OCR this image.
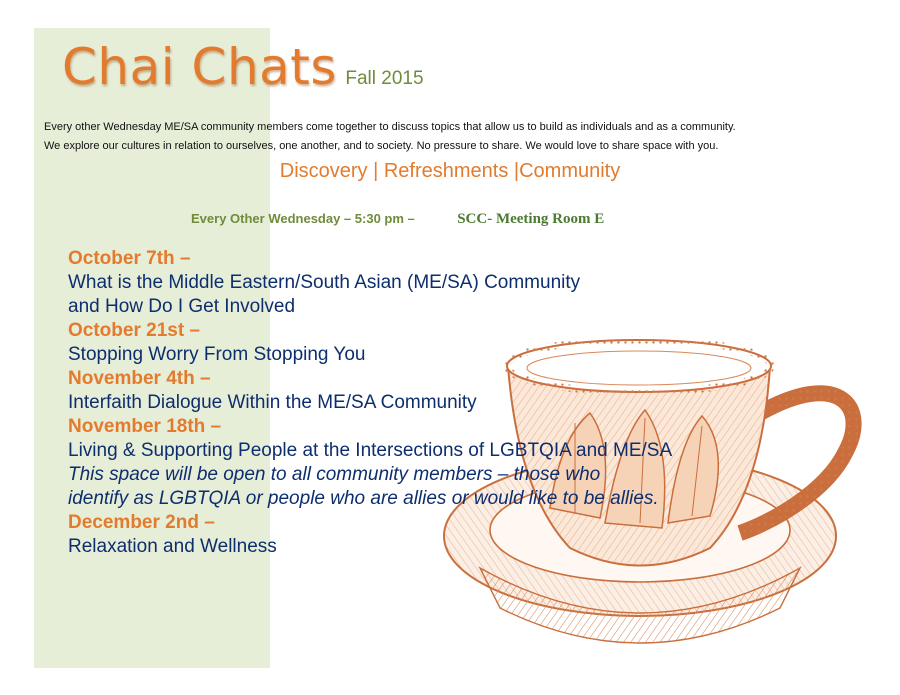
Chai Chats Fall 2015

Every other Wednesday ME/SA community members come together to discuss topics that allow us to build as individuals and as a community.

We explore our cultures in relation to ourselves, one another, and to society. No pressure to share. We would love to share space with you.

Discovery | Refreshments |Community
Every Other Wednesday – 5:30 pm –	SCC- Meeting Room E
October 7th –
What is the Middle Eastern/South Asian (ME/SA) Community
and How Do I Get Involved
October 21st –
Stopping Worry From Stopping You
November 4th –
Interfaith Dialogue Within the ME/SA Community
November 18th –
Living & Supporting People at the Intersections of LGBTQIA and ME/SA
This space will be open to all community members – those who
identify as LGBTQIA or people who are allies or would like to be allies.
December 2nd –
Relaxation and Wellness
